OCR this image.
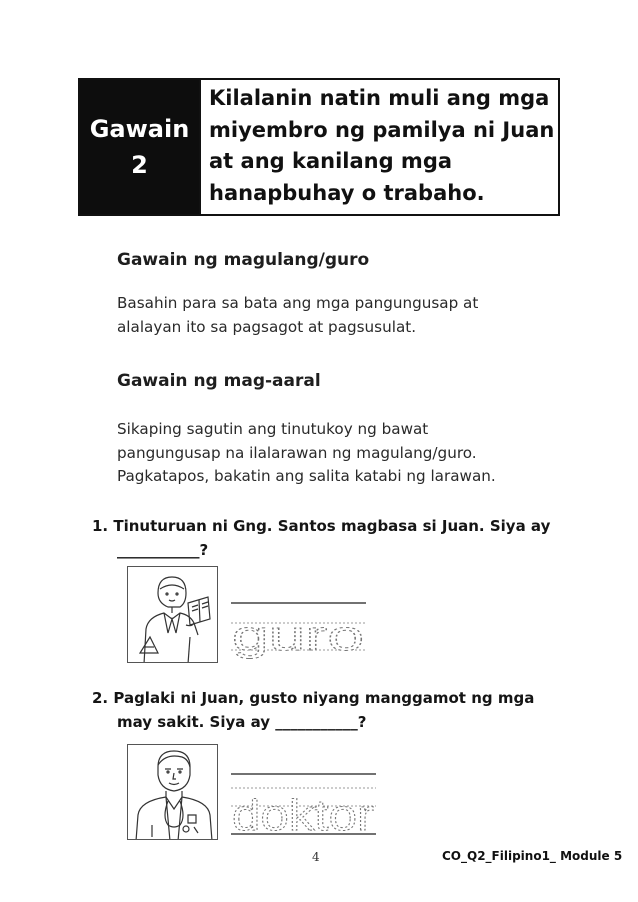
Gawain
2
Kilalanin natin muli ang mga
miyembro ng pamilya ni Juan
at ang kanilang mga
hanapbuhay o trabaho.
Gawain ng magulang/guro
Basahin para sa bata ang mga pangungusap at
alalayan ito sa pagsagot at pagsusulat.
Gawain ng mag-aaral
Sikaping sagutin ang tinutukoy ng bawat
pangungusap na ilalarawan ng magulang/guro.
Pagkatapos, bakatin ang salita katabi ng larawan.
1. Tinuturuan ni Gng. Santos magbasa si Juan. Siya ay
___________?
guro
2. Paglaki ni Juan, gusto niyang manggamot ng mga
may sakit. Siya ay ___________?
doktor
4	CO_Q2_Filipino1_ Module 5
